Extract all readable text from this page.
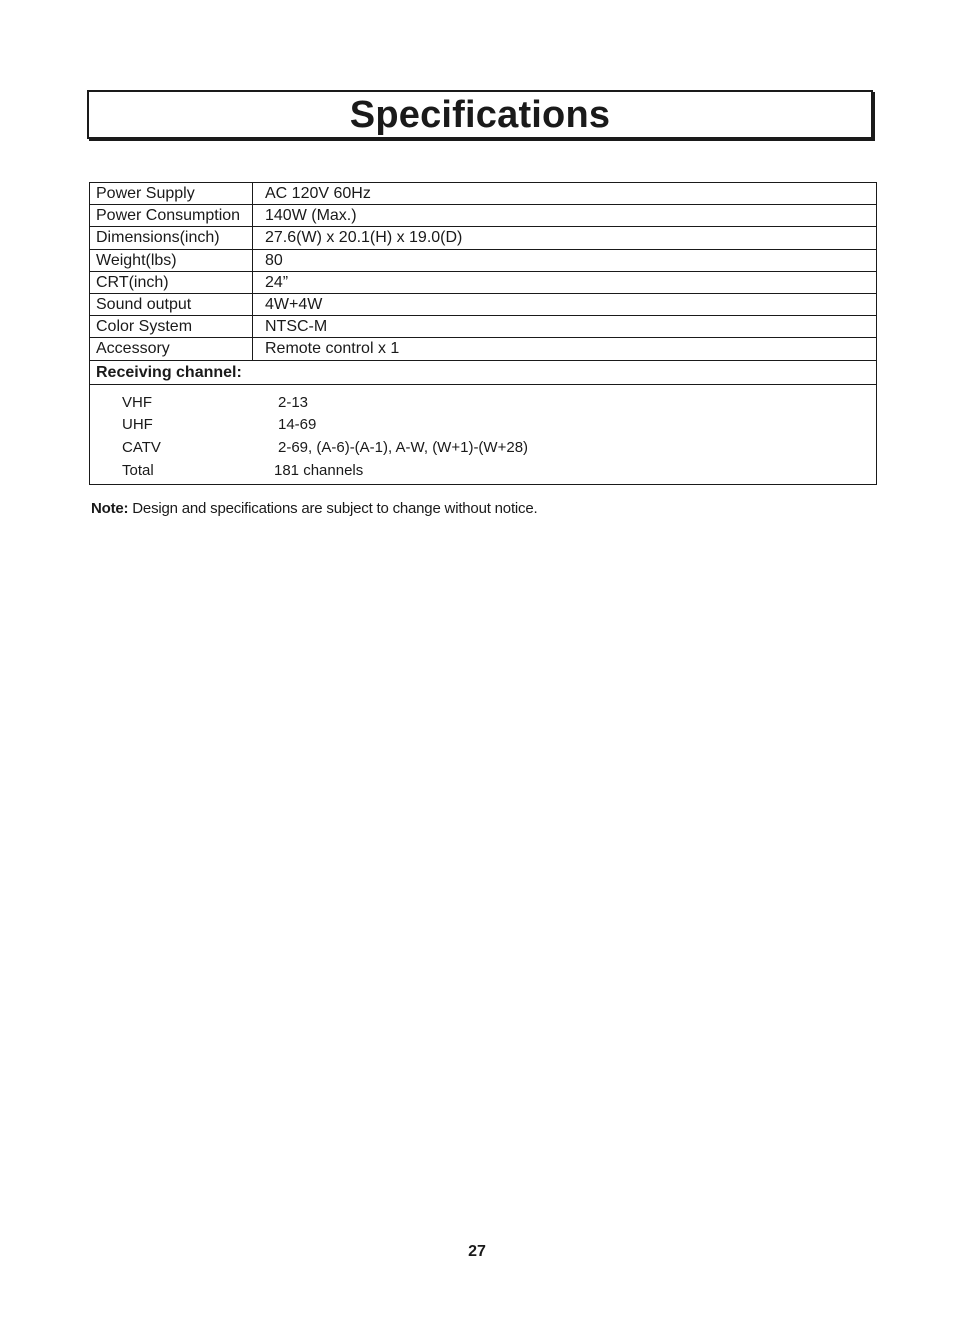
Specifications
Power Supply	AC 120V 60Hz
Power Consumption	140W (Max.)
Dimensions(inch)	27.6(W) x 20.1(H) x 19.0(D)
Weight(lbs)	80
CRT(inch)	24”
Sound output	4W+4W
Color System	NTSC-M
Accessory	Remote control x 1
Receiving channel:
VHF	2-13
UHF	14-69
CATV	2-69, (A-6)-(A-1), A-W, (W+1)-(W+28)
Total	181 channels
Note: Design and specifications are subject to change without notice.
27
